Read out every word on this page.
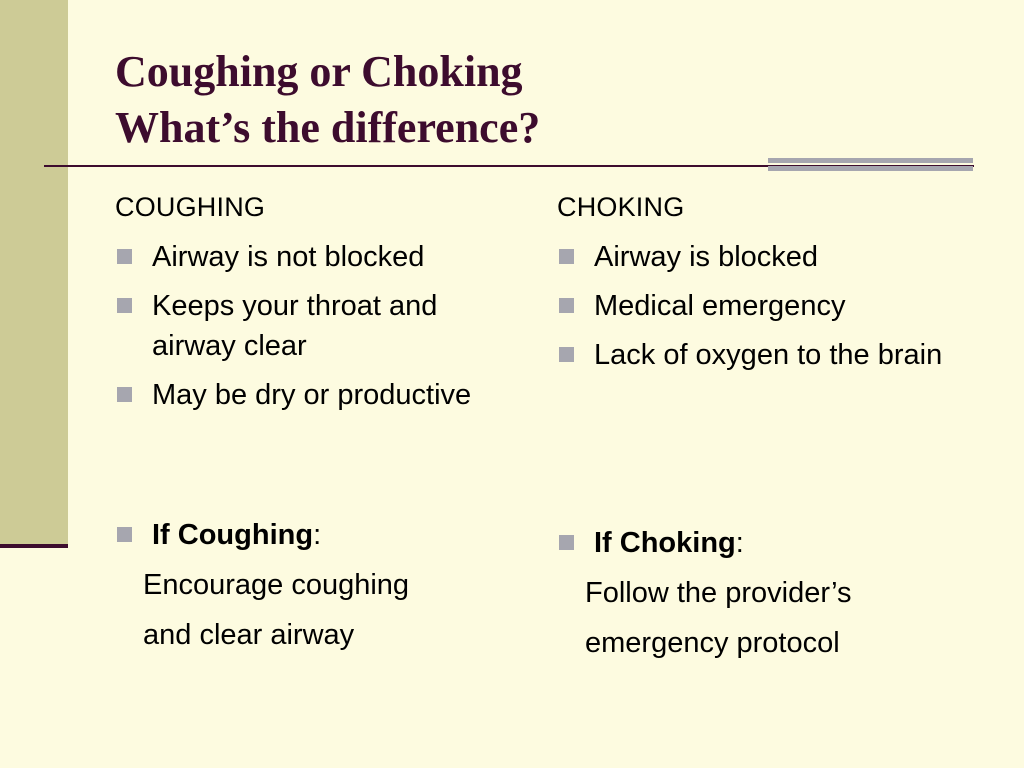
Coughing or Choking
What’s the difference?
COUGHING
Airway is not blocked
Keeps your throat and airway clear
May be dry or productive
If Coughing:
Encourage coughing
and clear airway
CHOKING
Airway is blocked
Medical emergency
Lack of oxygen to the brain
If Choking:
Follow the provider’s
emergency protocol
